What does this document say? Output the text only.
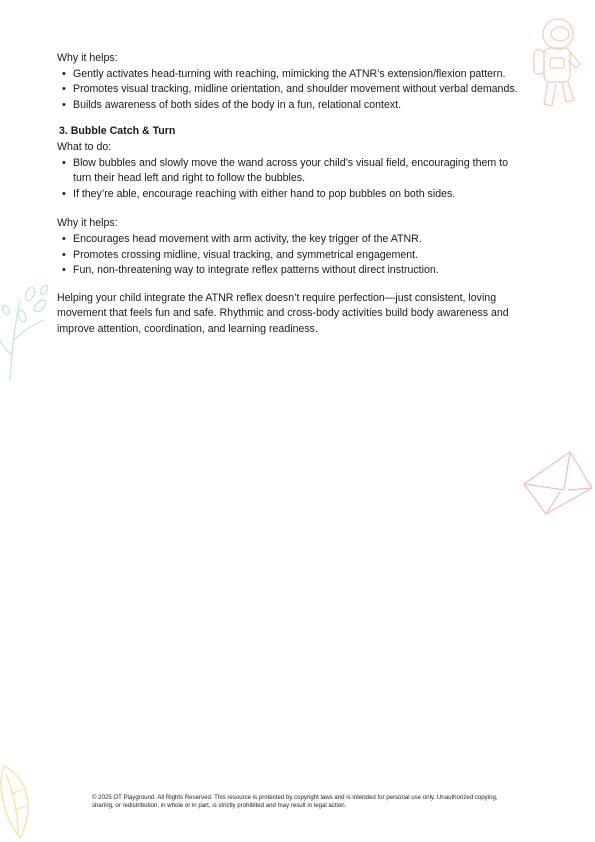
Why it helps:

• Gently activates head-turning with reaching, mimicking the ATNR’s extension/flexion pattern.
• Promotes visual tracking, midline orientation, and shoulder movement without verbal demands.
• Builds awareness of both sides of the body in a fun, relational context.

3. Bubble Catch & Turn

What to do:

• Blow bubbles and slowly move the wand across your child’s visual field, encouraging them to turn their head left and right to follow the bubbles.
• If they’re able, encourage reaching with either hand to pop bubbles on both sides.

Why it helps:

• Encourages head movement with arm activity, the key trigger of the ATNR.
• Promotes crossing midline, visual tracking, and symmetrical engagement.
• Fun, non-threatening way to integrate reflex patterns without direct instruction.

Helping your child integrate the ATNR reflex doesn’t require perfection—just consistent, loving movement that feels fun and safe. Rhythmic and cross-body activities build body awareness and improve attention, coordination, and learning readiness.

© 2025 OT Playground. All Rights Reserved. This resource is protected by copyright laws and is intended for personal use only. Unauthorized copying, sharing, or redistribution, in whole or in part, is strictly prohibited and may result in legal action.
